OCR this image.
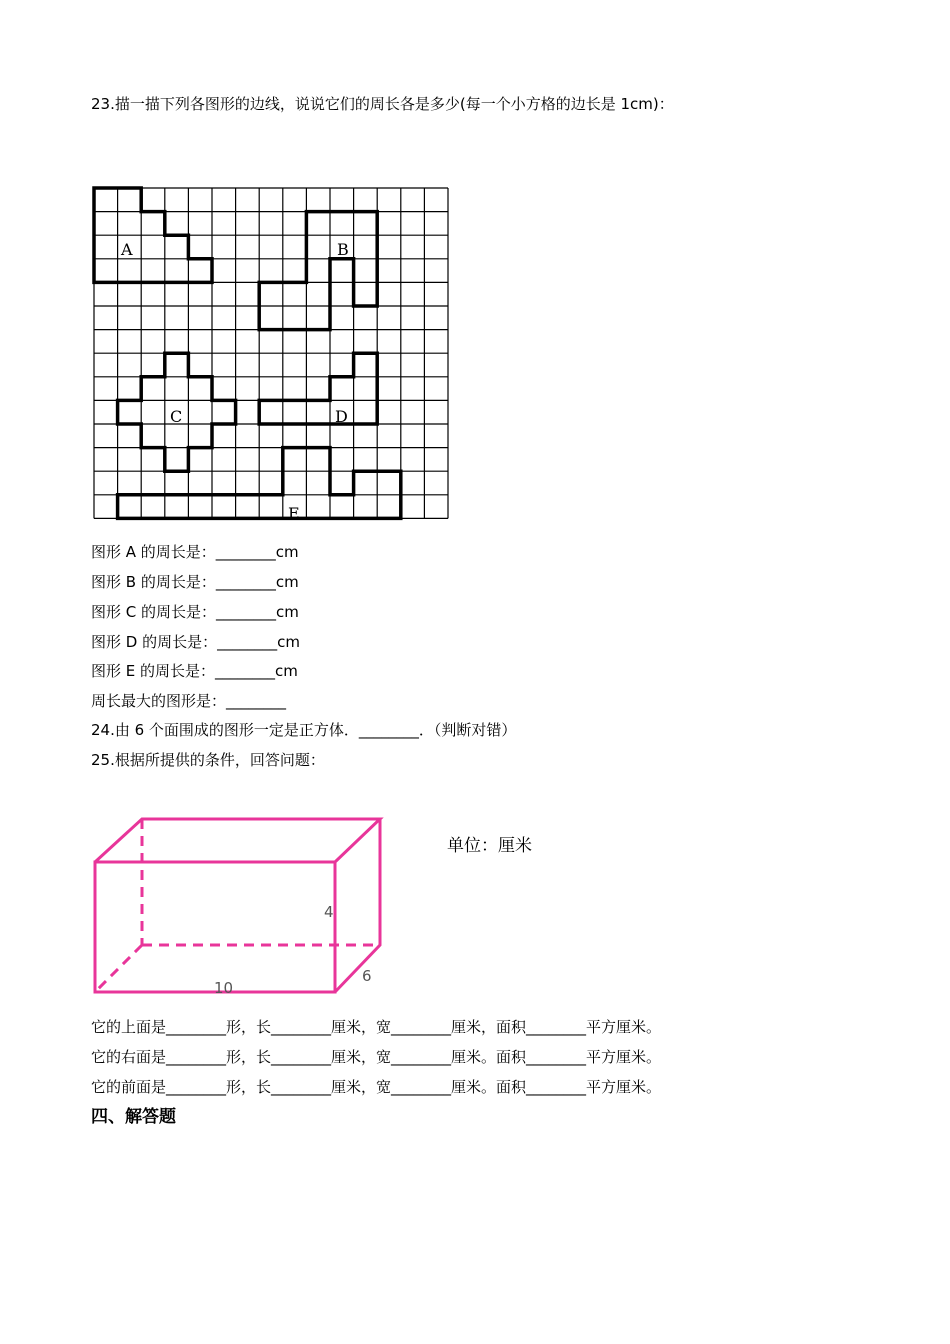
23.描一描下列各图形的边线，说说它们的周长各是多少(每一个小方格的边长是 1cm)：
A	B
C	D
E
图形 A 的周长是：________cm
图形 B 的周长是：________cm
图形 C 的周长是：________cm
图形 D 的周长是：________cm
图形 E 的周长是：________cm
周长最大的图形是：________
24.由 6 个面围成的图形一定是正方体．________．（判断对错）
25.根据所提供的条件，回答问题：
10
6
4
单位：厘米
它的上面是________形，长________厘米，宽________厘米，面积________平方厘米。
它的右面是________形，长________厘米，宽________厘米。面积________平方厘米。
它的前面是________形，长________厘米，宽________厘米。面积________平方厘米。
四、解答题
